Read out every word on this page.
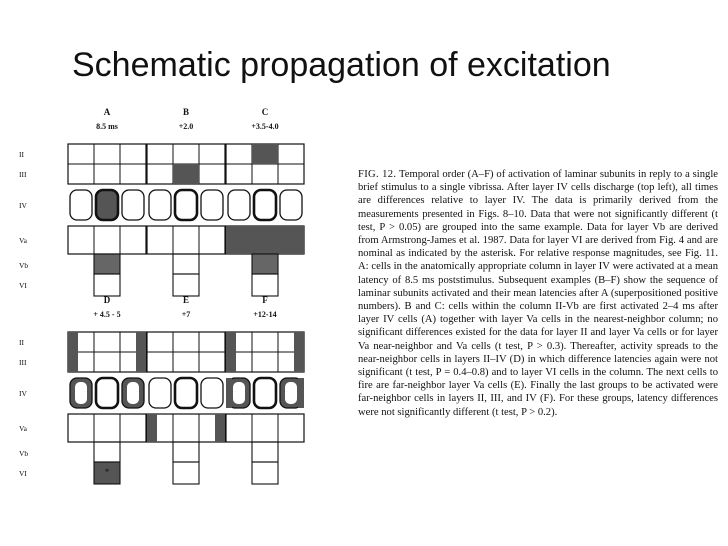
Schematic propagation of excitation
A
8.5 ms
B
+2.0
C
+3.5-4.0
D
+ 4.5 - 5
*
E
+7
F
+12-14
II
III
IV
Va
Vb
VI
II
III
IV
Va
Vb
VI
FIG. 12. Temporal order (A–F) of activation of laminar subunits in reply to a single brief stimulus to a single vibrissa. After layer IV cells discharge (top left), all times are differences relative to layer IV. The data is primarily derived from the measurements presented in Figs. 8–10. Data that were not significantly different (t test, P > 0.05) are grouped into the same example. Data for layer Vb are derived from Armstrong-James et al. 1987. Data for layer VI are derived from Fig. 4 and are nominal as indicated by the asterisk. For relative response magnitudes, see Fig. 11. A: cells in the anatomically appropriate column in layer IV were activated at a mean latency of 8.5 ms poststimulus. Subsequent examples (B–F) show the sequence of laminar subunits activated and their mean latencies after A (superpositioned positive numbers). B and C: cells within the column II-Vb are first activated 2–4 ms after layer IV cells (A) together with layer Va cells in the nearest-neighbor column; no significant differences existed for the data for layer II and layer Va cells or for layer Va near-neighbor and Va cells (t test, P > 0.3). Thereafter, activity spreads to the near-neighbor cells in layers II–IV (D) in which difference latencies again were not significant (t test, P = 0.4–0.8) and to layer VI cells in the column. The next cells to fire are far-neighbor layer Va cells (E). Finally the last groups to be activated were far-neighbor cells in layers II, III, and IV (F). For these groups, latency differences were not significantly different (t test, P > 0.2).
